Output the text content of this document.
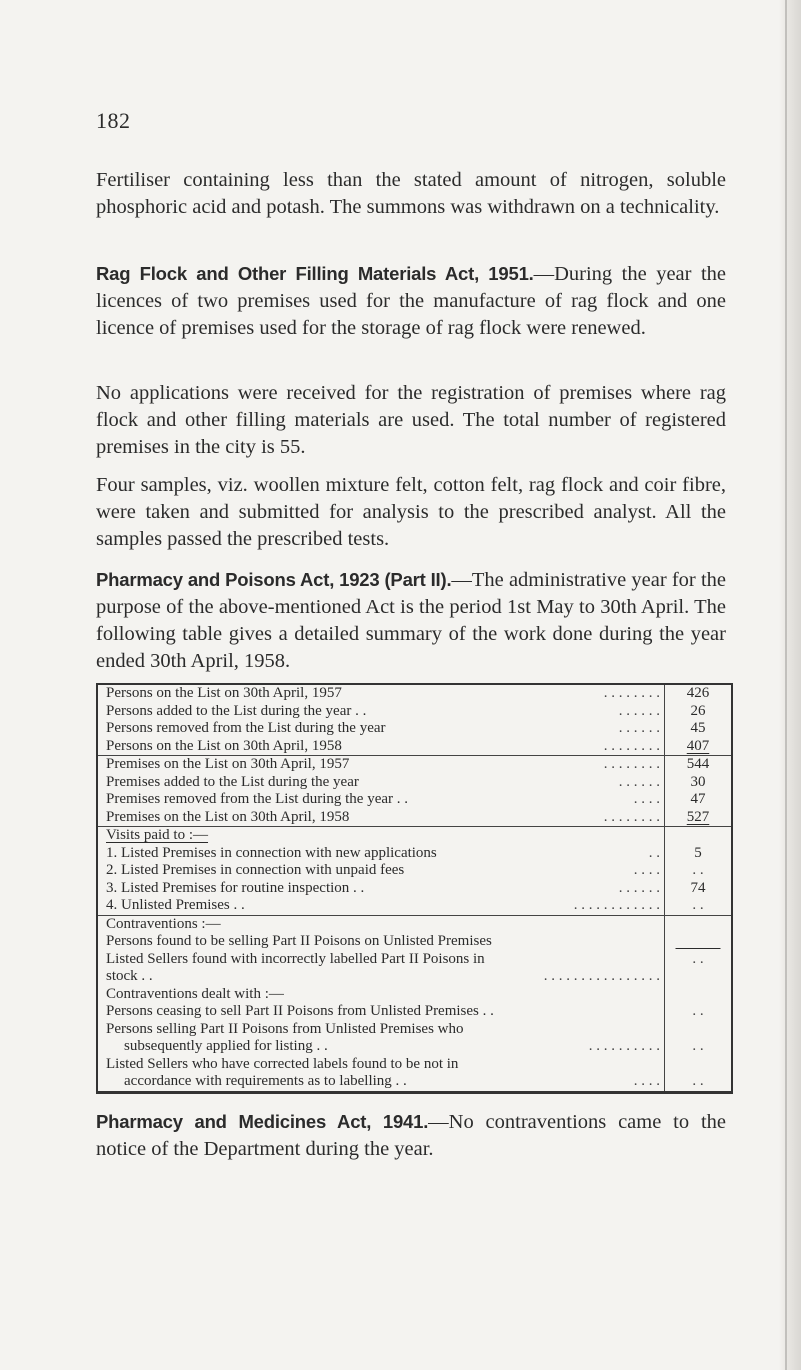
182

Fertiliser containing less than the stated amount of nitrogen, soluble phosphoric acid and potash. The summons was withdrawn on a technicality.

Rag Flock and Other Filling Materials Act, 1951.—During the year the licences of two premises used for the manufacture of rag flock and one licence of premises used for the storage of rag flock were renewed.

No applications were received for the registration of premises where rag flock and other filling materials are used. The total number of registered premises in the city is 55.

Four samples, viz. woollen mixture felt, cotton felt, rag flock and coir fibre, were taken and submitted for analysis to the prescribed analyst. All the samples passed the prescribed tests.

Pharmacy and Poisons Act, 1923 (Part II).—The administrative year for the purpose of the above-mentioned Act is the period 1st May to 30th April. The following table gives a detailed summary of the work done during the year ended 30th April, 1958.

Persons on the List on 30th April, 1957 . . . . . . . .	426
Persons added to the List during the year . . . . . . . .	26
Persons removed from the List during the year . . . . . .	45
Persons on the List on 30th April, 1958 . . . . . . . .	407
Premises on the List on 30th April, 1957 . . . . . . . .	544
Premises added to the List during the year . . . . . .	30
Premises removed from the List during the year . . . . . .	47
Premises on the List on 30th April, 1958 . . . . . . . .	527
Visits paid to :—	
1. Listed Premises in connection with new applications . .	5
2. Listed Premises in connection with unpaid fees . . . .	. .
3. Listed Premises for routine inspection . . . . . . . .	74
4. Unlisted Premises . . . . . . . . . . . . . .	. .
Contraventions :—	
Persons found to be selling Part II Poisons on Unlisted Premises	
Listed Sellers found with incorrectly labelled Part II Poisons in
stock . . . . . . . . . . . . . . . . . .	. .
Contraventions dealt with :—	
Persons ceasing to sell Part II Poisons from Unlisted Premises . .	. .
Persons selling Part II Poisons from Unlisted Premises who

subsequently applied for listing . . . . . . . . . . . .	. .
Listed Sellers who have corrected labels found to be not in

accordance with requirements as to labelling . . . . . .	. .

Pharmacy and Medicines Act, 1941.—No contraventions came to the notice of the Department during the year.
